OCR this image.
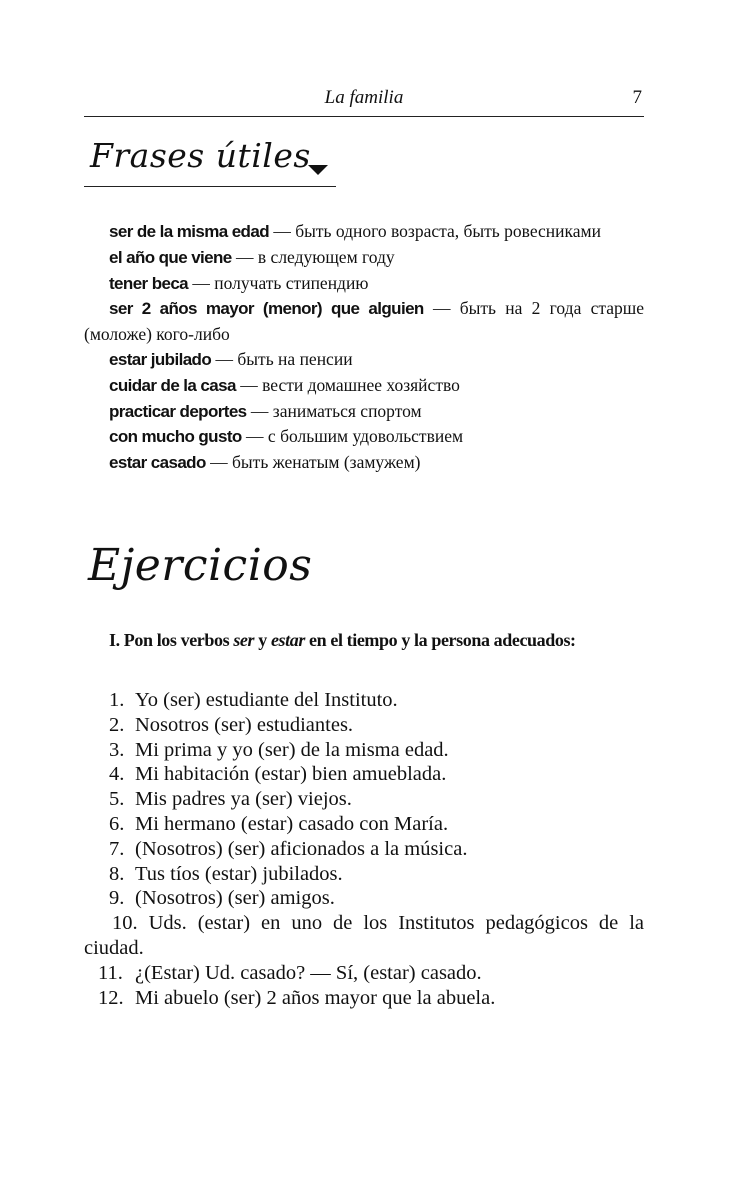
La familia	7
Frases útiles
ser de la misma edad — быть одного возраста, быть ровесниками
el año que viene — в следующем году
tener beca — получать стипендию
ser 2 años mayor (menor) que alguien — быть на 2 года старше (моложе) кого-либо
estar jubilado — быть на пенсии
cuidar de la casa — вести домашнее хозяйство
practicar deportes — заниматься спортом
con mucho gusto — с большим удовольствием
estar casado — быть женатым (замужем)
Ejercicios
I. Pon los verbos ser y estar en el tiempo y la persona adecuados:
1. Yo (ser) estudiante del Instituto.
2. Nosotros (ser) estudiantes.
3. Mi prima y yo (ser) de la misma edad.
4. Mi habitación (estar) bien amueblada.
5. Mis padres ya (ser) viejos.
6. Mi hermano (estar) casado con María.
7. (Nosotros) (ser) aficionados a la música.
8. Tus tíos (estar) jubilados.
9. (Nosotros) (ser) amigos.
10. Uds. (estar) en uno de los Institutos pedagógicos de la ciudad.
11. ¿(Estar) Ud. casado? — Sí, (estar) casado.
12. Mi abuelo (ser) 2 años mayor que la abuela.
